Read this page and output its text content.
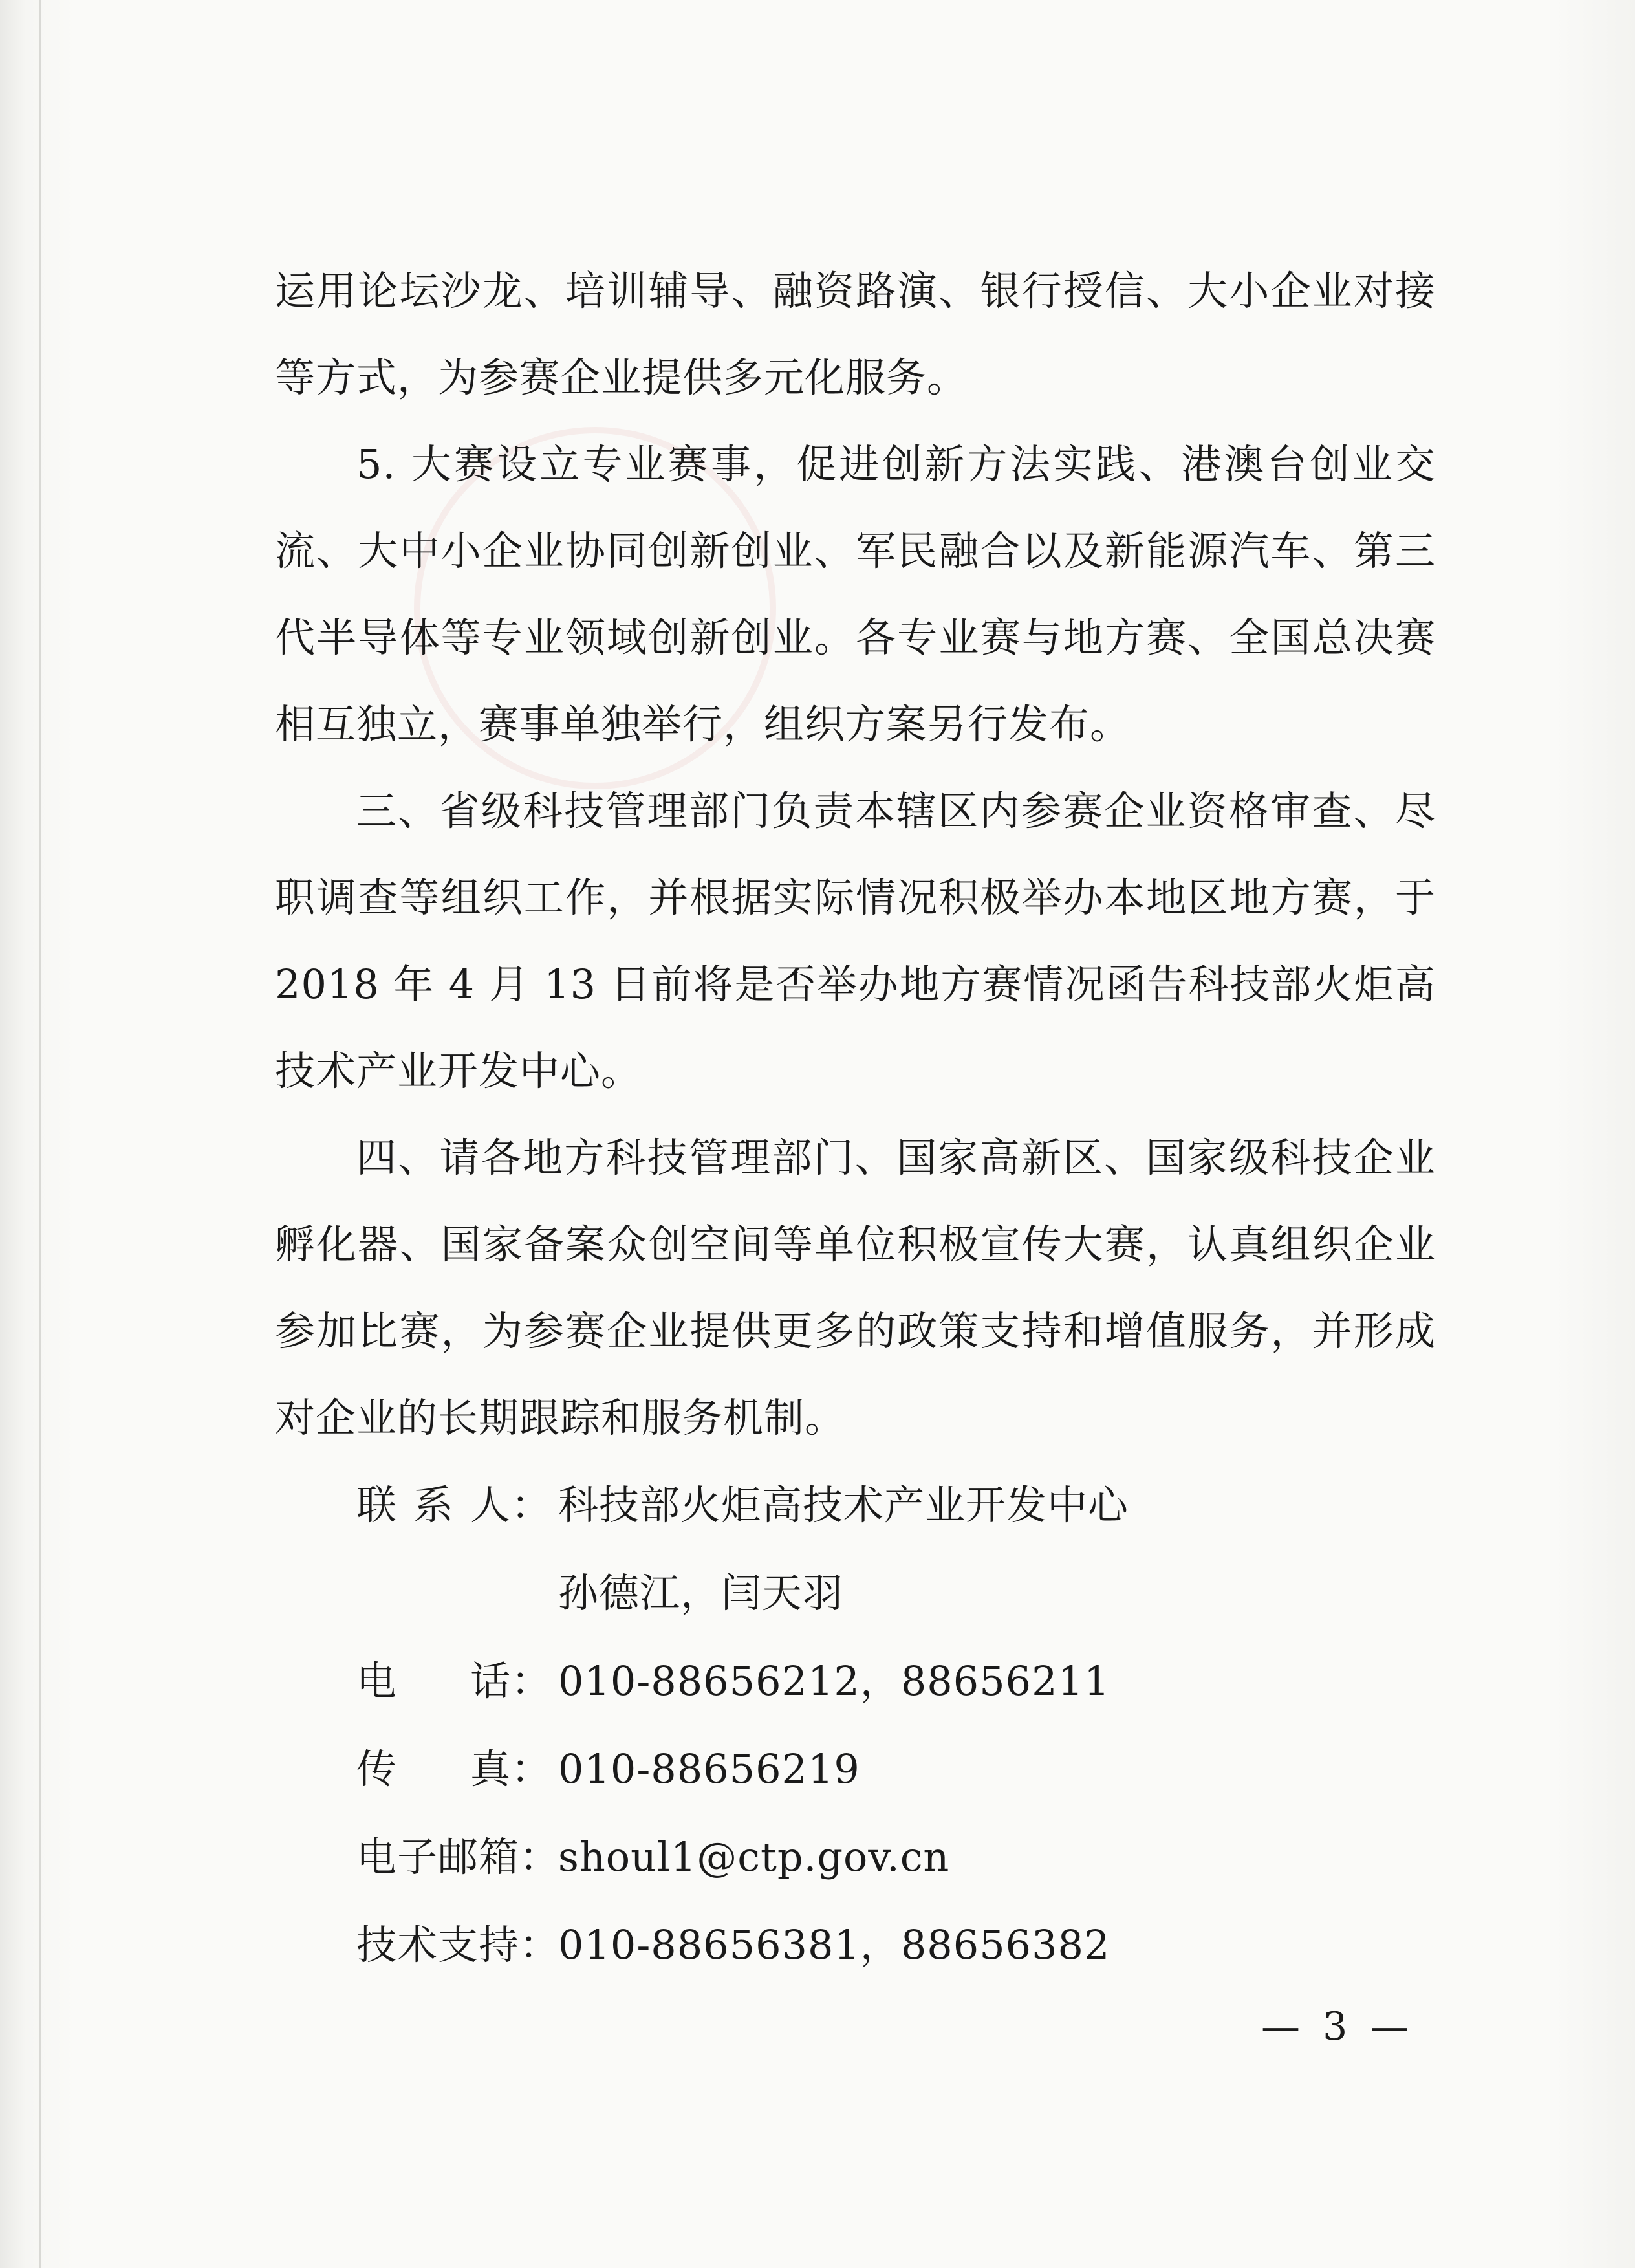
运用论坛沙龙、培训辅导、融资路演、银行授信、大小企业对接等方式，为参赛企业提供多元化服务。

5. 大赛设立专业赛事，促进创新方法实践、港澳台创业交流、大中小企业协同创新创业、军民融合以及新能源汽车、第三代半导体等专业领域创新创业。各专业赛与地方赛、全国总决赛相互独立，赛事单独举行，组织方案另行发布。

三、省级科技管理部门负责本辖区内参赛企业资格审查、尽职调查等组织工作，并根据实际情况积极举办本地区地方赛，于2018 年 4 月 13 日前将是否举办地方赛情况函告科技部火炬高技术产业开发中心。

四、请各地方科技管理部门、国家高新区、国家级科技企业孵化器、国家备案众创空间等单位积极宣传大赛，认真组织企业参加比赛，为参赛企业提供更多的政策支持和增值服务，并形成对企业的长期跟踪和服务机制。

联 系 人 ： 科技部火炬高技术产业开发中心
孙德江，闫天羽
电 话 ： 010-88656212，88656211
传 真 ： 010-88656219
电子邮箱 ：
shoul1@ctp.gov.cn
技术支持 ：
010-88656381，88656382
— 3 —
